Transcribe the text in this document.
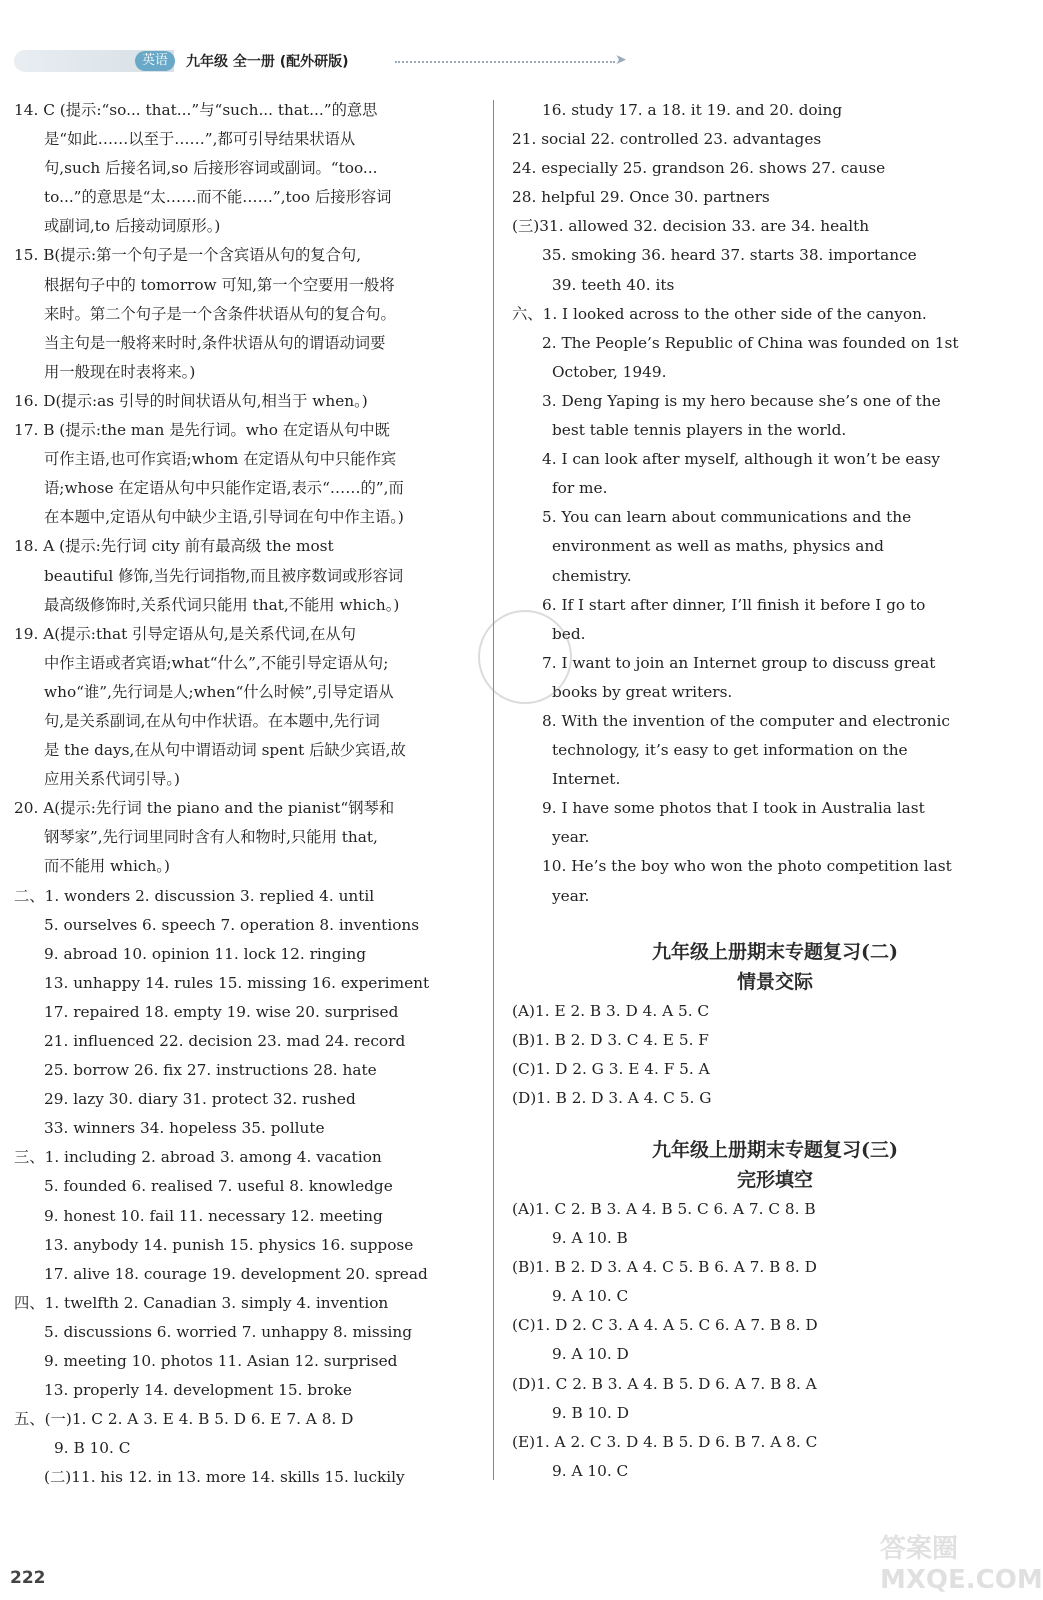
英语	九年级 全一册 (配外研版)	➤
14. C (提示:“so... that...”与“such... that...”的意思
是“如此……以至于……”,都可引导结果状语从
句,such 后接名词,so 后接形容词或副词。“too...
to...”的意思是“太……而不能……”,too 后接形容词
或副词,to 后接动词原形。)
15. B(提示:第一个句子是一个含宾语从句的复合句,
根据句子中的 tomorrow 可知,第一个空要用一般将
来时。第二个句子是一个含条件状语从句的复合句。
当主句是一般将来时时,条件状语从句的谓语动词要
用一般现在时表将来。)
16. D(提示:as 引导的时间状语从句,相当于 when。)
17. B (提示:the man 是先行词。who 在定语从句中既
可作主语,也可作宾语;whom 在定语从句中只能作宾
语;whose 在定语从句中只能作定语,表示“……的”,而
在本题中,定语从句中缺少主语,引导词在句中作主语。)
18. A (提示:先行词 city 前有最高级 the most
beautiful 修饰,当先行词指物,而且被序数词或形容词
最高级修饰时,关系代词只能用 that,不能用 which。)
19. A(提示:that 引导定语从句,是关系代词,在从句
中作主语或者宾语;what“什么”,不能引导定语从句;
who“谁”,先行词是人;when“什么时候”,引导定语从
句,是关系副词,在从句中作状语。在本题中,先行词
是 the days,在从句中谓语动词 spent 后缺少宾语,故
应用关系代词引导。)
20. A(提示:先行词 the piano and the pianist“钢琴和
钢琴家”,先行词里同时含有人和物时,只能用 that,
而不能用 which。)
二、1. wonders 2. discussion 3. replied 4. until
5. ourselves 6. speech 7. operation 8. inventions
9. abroad 10. opinion 11. lock 12. ringing
13. unhappy 14. rules 15. missing 16. experiment
17. repaired 18. empty 19. wise 20. surprised
21. influenced 22. decision 23. mad 24. record
25. borrow 26. fix 27. instructions 28. hate
29. lazy 30. diary 31. protect 32. rushed
33. winners 34. hopeless 35. pollute
三、1. including 2. abroad 3. among 4. vacation
5. founded 6. realised 7. useful 8. knowledge
9. honest 10. fail 11. necessary 12. meeting
13. anybody 14. punish 15. physics 16. suppose
17. alive 18. courage 19. development 20. spread
四、1. twelfth 2. Canadian 3. simply 4. invention
5. discussions 6. worried 7. unhappy 8. missing
9. meeting 10. photos 11. Asian 12. surprised
13. properly 14. development 15. broke
五、(一)1. C 2. A 3. E 4. B 5. D 6. E 7. A 8. D
9. B 10. C
(二)11. his 12. in 13. more 14. skills 15. luckily
16. study 17. a 18. it 19. and 20. doing
21. social 22. controlled 23. advantages
24. especially 25. grandson 26. shows 27. cause
28. helpful 29. Once 30. partners
(三)31. allowed 32. decision 33. are 34. health
35. smoking 36. heard 37. starts 38. importance
39. teeth 40. its
六、1. I looked across to the other side of the canyon.
2. The People’s Republic of China was founded on 1st
October, 1949.
3. Deng Yaping is my hero because she’s one of the
best table tennis players in the world.
4. I can look after myself, although it won’t be easy
for me.
5. You can learn about communications and the
environment as well as maths, physics and
chemistry.
6. If I start after dinner, I’ll finish it before I go to
bed.
7. I want to join an Internet group to discuss great
books by great writers.
8. With the invention of the computer and electronic
technology, it’s easy to get information on the
Internet.
9. I have some photos that I took in Australia last
year.
10. He’s the boy who won the photo competition last
year.
九年级上册期末专题复习(二)
情景交际
(A)1. E 2. B 3. D 4. A 5. C
(B)1. B 2. D 3. C 4. E 5. F
(C)1. D 2. G 3. E 4. F 5. A
(D)1. B 2. D 3. A 4. C 5. G
九年级上册期末专题复习(三)
完形填空
(A)1. C 2. B 3. A 4. B 5. C 6. A 7. C 8. B
9. A 10. B
(B)1. B 2. D 3. A 4. C 5. B 6. A 7. B 8. D
9. A 10. C
(C)1. D 2. C 3. A 4. A 5. C 6. A 7. B 8. D
9. A 10. D
(D)1. C 2. B 3. A 4. B 5. D 6. A 7. B 8. A
9. B 10. D
(E)1. A 2. C 3. D 4. B 5. D 6. B 7. A 8. C
9. A 10. C
222
答案圈 MXQE.COM
